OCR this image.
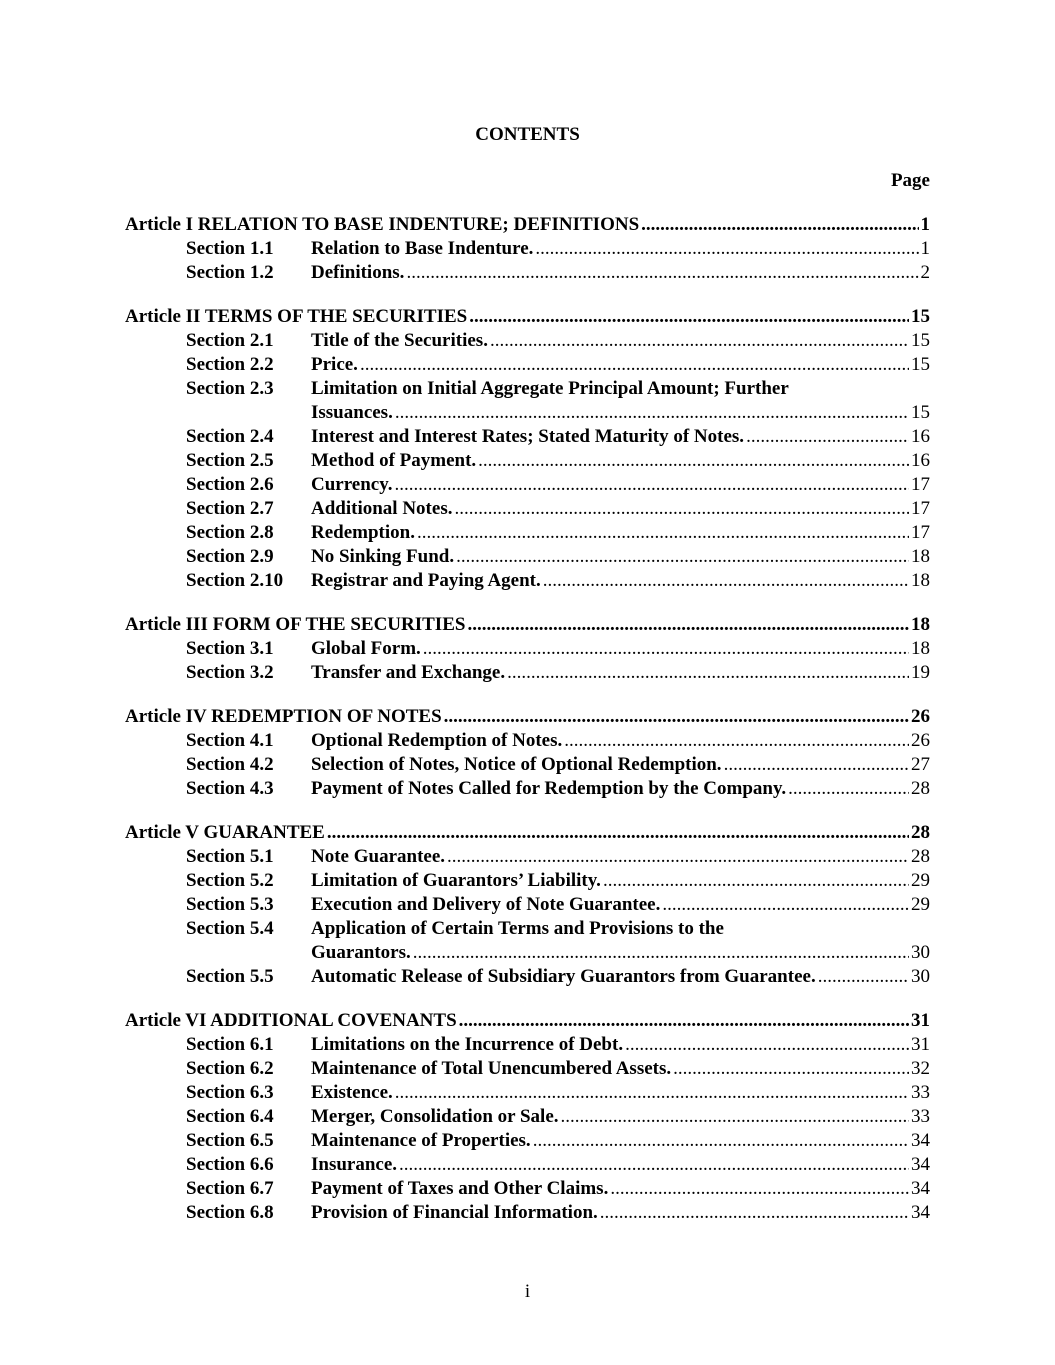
CONTENTS
Page
Article I RELATION TO BASE INDENTURE; DEFINITIONS .....	1
Section 1.1	Relation to Base Indenture. .....	1
Section 1.2	Definitions. .....	2
Article II TERMS OF THE SECURITIES .....	15
Section 2.1	Title of the Securities. .....	15
Section 2.2	Price. .....	15
Section 2.3	Limitation on Initial Aggregate Principal Amount; Further
Issuances. .....	15
Section 2.4	Interest and Interest Rates; Stated Maturity of Notes. .....	16
Section 2.5	Method of Payment. .....	16
Section 2.6	Currency. .....	17
Section 2.7	Additional Notes. .....	17
Section 2.8	Redemption. .....	17
Section 2.9	No Sinking Fund. .....	18
Section 2.10	Registrar and Paying Agent. .....	18
Article III FORM OF THE SECURITIES .....	18
Section 3.1	Global Form. .....	18
Section 3.2	Transfer and Exchange. .....	19
Article IV REDEMPTION OF NOTES .....	26
Section 4.1	Optional Redemption of Notes. .....	26
Section 4.2	Selection of Notes, Notice of Optional Redemption. .....	27
Section 4.3	Payment of Notes Called for Redemption by the Company. .....	28
Article V GUARANTEE .....	28
Section 5.1	Note Guarantee. .....	28
Section 5.2	Limitation of Guarantors’ Liability. .....	29
Section 5.3	Execution and Delivery of Note Guarantee. .....	29
Section 5.4	Application of Certain Terms and Provisions to the
Guarantors. .....	30
Section 5.5	Automatic Release of Subsidiary Guarantors from Guarantee. .....	30
Article VI ADDITIONAL COVENANTS .....	31
Section 6.1	Limitations on the Incurrence of Debt. .....	31
Section 6.2	Maintenance of Total Unencumbered Assets. .....	32
Section 6.3	Existence. .....	33
Section 6.4	Merger, Consolidation or Sale. .....	33
Section 6.5	Maintenance of Properties. .....	34
Section 6.6	Insurance. .....	34
Section 6.7	Payment of Taxes and Other Claims. .....	34
Section 6.8	Provision of Financial Information. .....	34
i
